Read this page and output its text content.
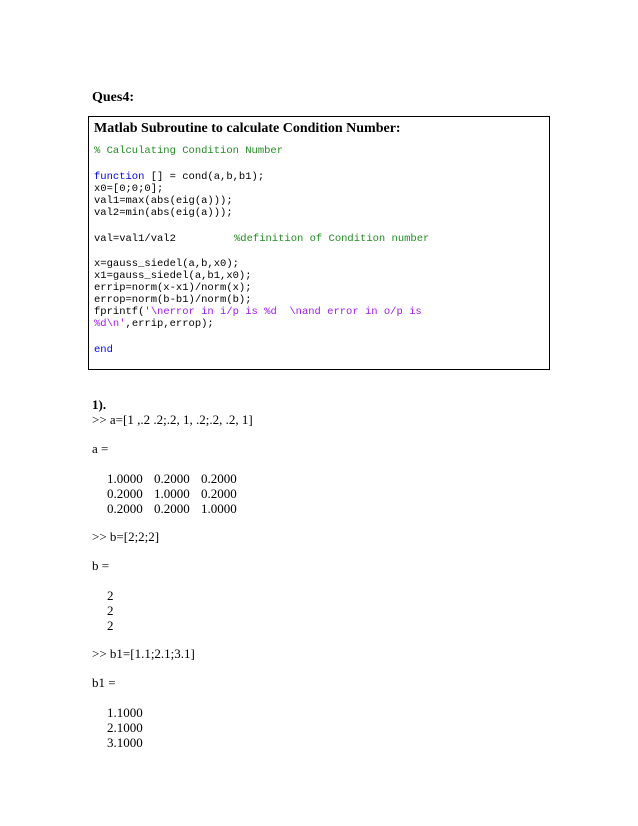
Ques4:
Matlab Subroutine to calculate Condition Number:
% Calculating Condition Number
function [] = cond(a,b,b1);
x0=[0;0;0];
val1=max(abs(eig(a)));
val2=min(abs(eig(a)));
val=val1/val2	%definition of Condition number
x=gauss_siedel(a,b,x0);
x1=gauss_siedel(a,b1,x0);
errip=norm(x-x1)/norm(x);
errop=norm(b-b1)/norm(b);
fprintf('\nerror in i/p is %d  \nand error in o/p is
%d\n',errip,errop);
end
1).
>> a=[1 ,.2 .2;.2, 1, .2;.2, .2, 1]
a =
1.0000 0.2000 0.2000
0.2000 1.0000 0.2000
0.2000 0.2000 1.0000
>> b=[2;2;2]
b =
2
2
2
>> b1=[1.1;2.1;3.1]
b1 =
1.1000
2.1000
3.1000
